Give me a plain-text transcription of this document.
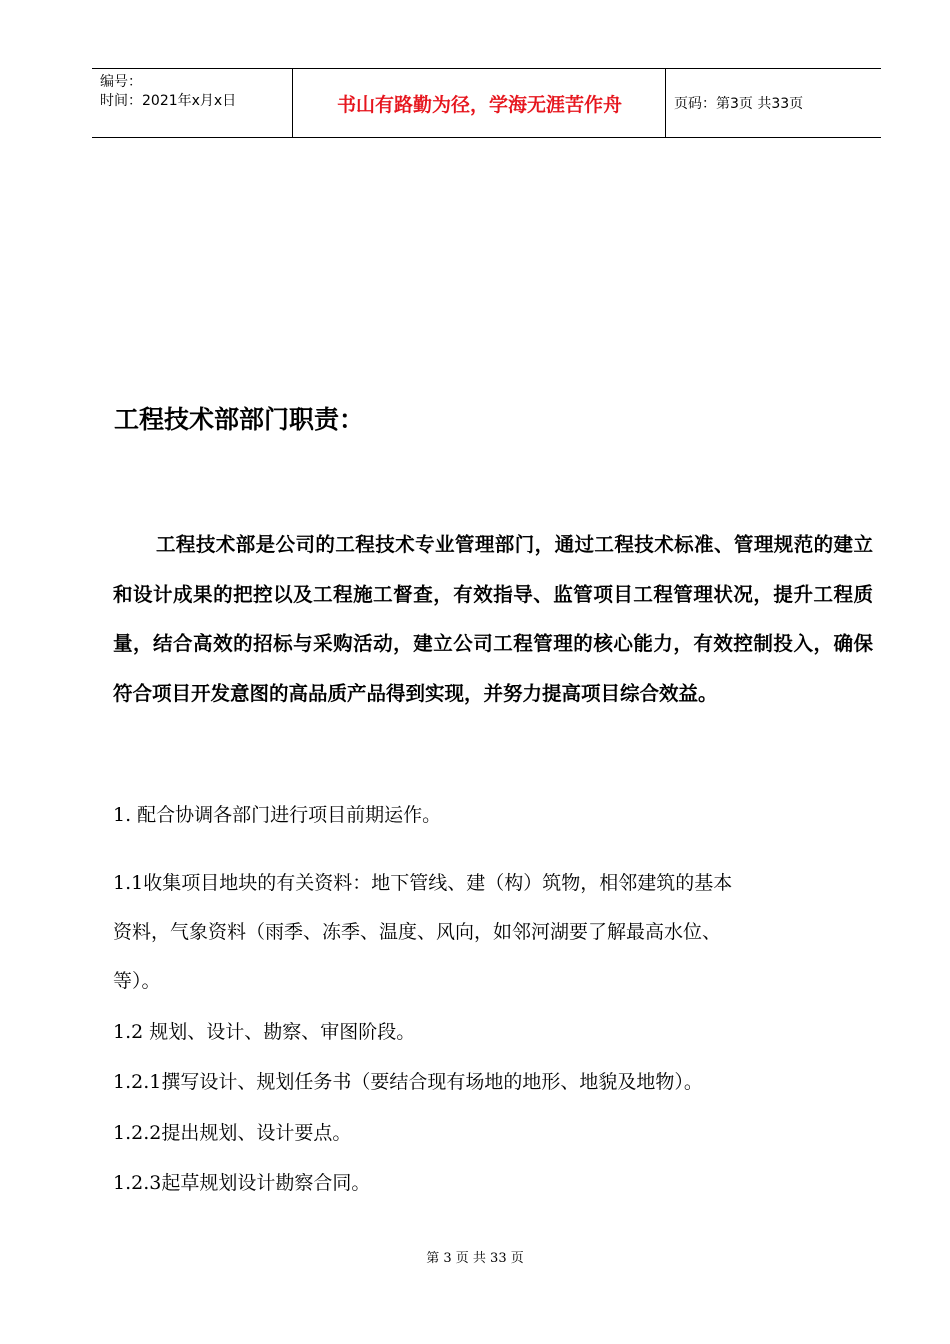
编号：
时间：2021年x月x日	书山有路勤为径，学海无涯苦作舟	页码：第3页 共33页
工程技术部部门职责：
工程技术部是公司的工程技术专业管理部门，通过工程技术标准、管理规范的建立和设计成果的把控以及工程施工督查，有效指导、监管项目工程管理状况，提升工程质量，结合高效的招标与采购活动，建立公司工程管理的核心能力，有效控制投入，确保符合项目开发意图的高品质产品得到实现，并努力提高项目综合效益。
1. 配合协调各部门进行项目前期运作。
1.1收集项目地块的有关资料：地下管线、建（构）筑物，相邻建筑的基本
资料，气象资料（雨季、冻季、温度、风向，如邻河湖要了解最高水位、
等）。
1.2 规划、设计、勘察、审图阶段。
1.2.1撰写设计、规划任务书（要结合现有场地的地形、地貌及地物）。
1.2.2提出规划、设计要点。
1.2.3起草规划设计勘察合同。
第 3 页 共 33 页
